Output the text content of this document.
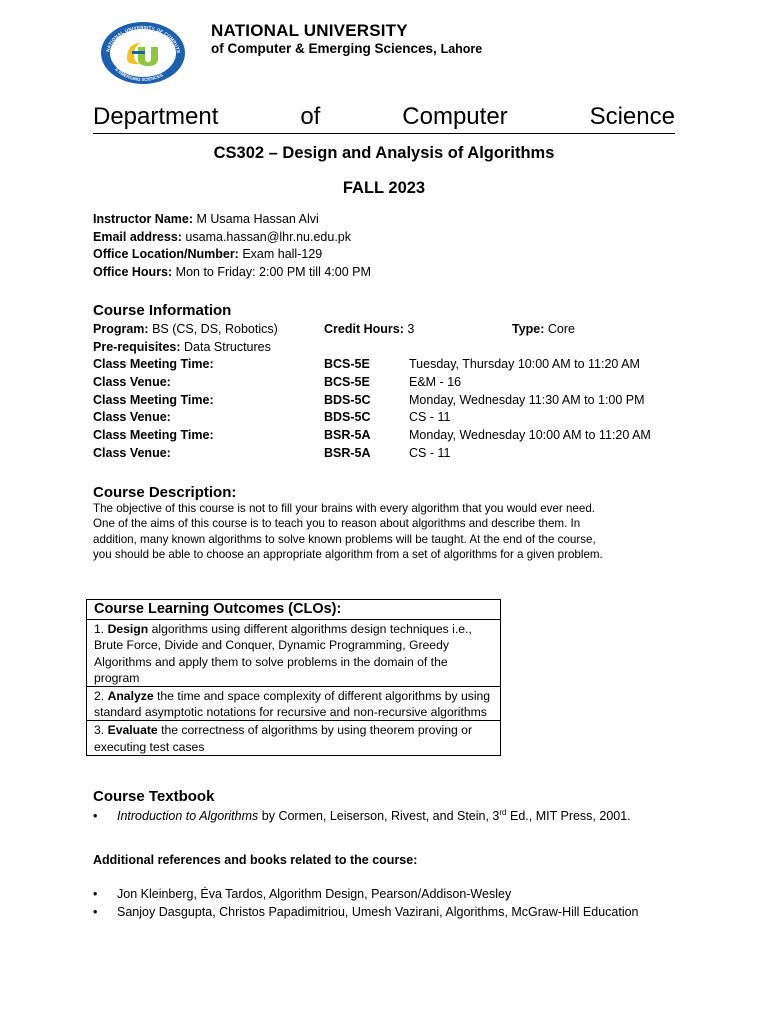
NATIONAL UNIVERSITY OF COMPUTE
& EMERGING SCIENCES
NATIONAL UNIVERSITY
of Computer & Emerging Sciences, Lahore
Department	of	Computer	Science
CS302 – Design and Analysis of Algorithms
FALL 2023
Instructor Name: M Usama Hassan Alvi
Email address: usama.hassan@lhr.nu.edu.pk
Office Location/Number: Exam hall-129
Office Hours: Mon to Friday: 2:00 PM till 4:00 PM
Course Information
Program: BS (CS, DS, Robotics)	Credit Hours: 3	Type: Core
Pre-requisites: Data Structures
Class Meeting Time:	BCS-5E	Tuesday, Thursday 10:00 AM to 11:20 AM
Class Venue:	BCS-5E	E&M - 16
Class Meeting Time:	BDS-5C	Monday, Wednesday 11:30 AM to 1:00 PM
Class Venue:	BDS-5C	CS - 11
Class Meeting Time:	BSR-5A	Monday, Wednesday 10:00 AM to 11:20 AM
Class Venue:	BSR-5A	CS - 11
Course Description:
The objective of this course is not to fill your brains with every algorithm that you would ever need.
One of the aims of this course is to teach you to reason about algorithms and describe them. In
addition, many known algorithms to solve known problems will be taught. At the end of the course,
you should be able to choose an appropriate algorithm from a set of algorithms for a given problem.
Course Learning Outcomes (CLOs):
1. Design algorithms using different algorithms design techniques i.e., Brute Force, Divide and Conquer, Dynamic Programming, Greedy Algorithms and apply them to solve problems in the domain of the program
2. Analyze the time and space complexity of different algorithms by using standard asymptotic notations for recursive and non-recursive algorithms
3. Evaluate the correctness of algorithms by using theorem proving or executing test cases
Course Textbook
• Introduction to Algorithms by Cormen, Leiserson, Rivest, and Stein, 3rd Ed., MIT Press, 2001.
Additional references and books related to the course:
• Jon Kleinberg, Éva Tardos, Algorithm Design, Pearson/Addison-Wesley
• Sanjoy Dasgupta, Christos Papadimitriou, Umesh Vazirani, Algorithms, McGraw-Hill Education
